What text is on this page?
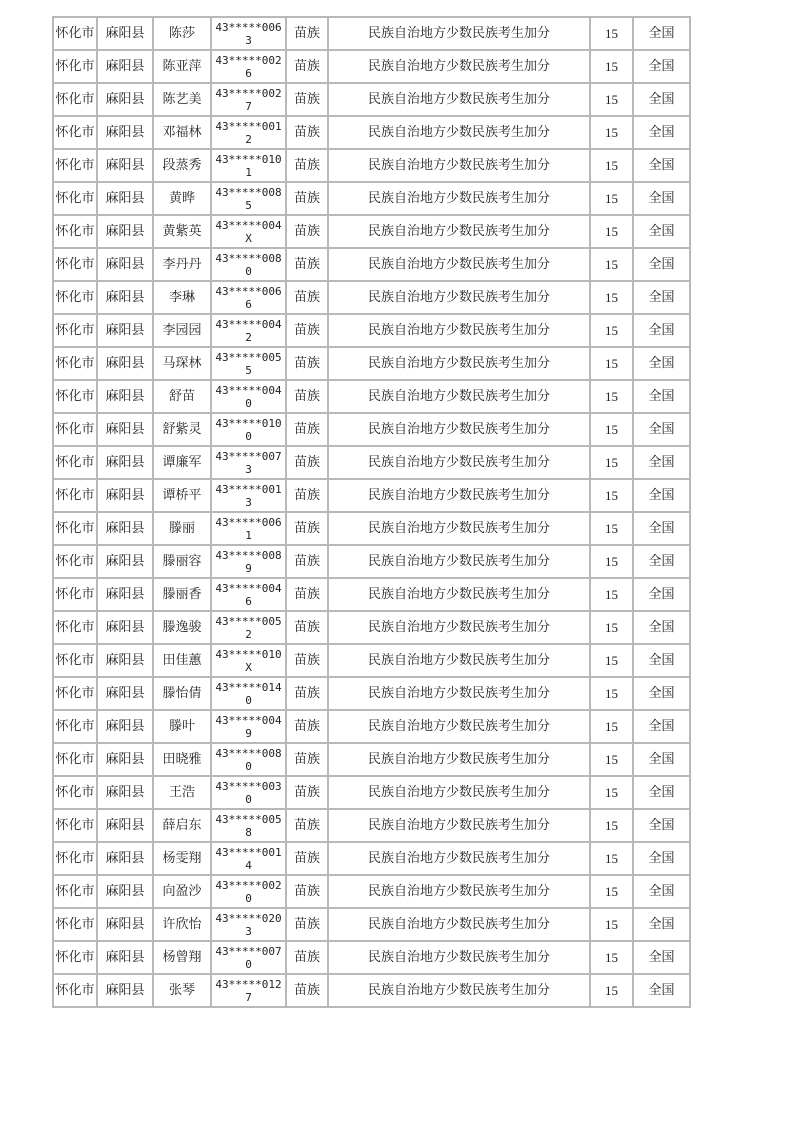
怀化市	麻阳县	陈莎	43*****0063	苗族	民族自治地方少数民族考生加分	15	全国
怀化市	麻阳县	陈亚萍	43*****0026	苗族	民族自治地方少数民族考生加分	15	全国
怀化市	麻阳县	陈艺美	43*****0027	苗族	民族自治地方少数民族考生加分	15	全国
怀化市	麻阳县	邓福林	43*****0012	苗族	民族自治地方少数民族考生加分	15	全国
怀化市	麻阳县	段蒸秀	43*****0101	苗族	民族自治地方少数民族考生加分	15	全国
怀化市	麻阳县	黄晔	43*****0085	苗族	民族自治地方少数民族考生加分	15	全国
怀化市	麻阳县	黄紫英	43*****004X	苗族	民族自治地方少数民族考生加分	15	全国
怀化市	麻阳县	李丹丹	43*****0080	苗族	民族自治地方少数民族考生加分	15	全国
怀化市	麻阳县	李琳	43*****0066	苗族	民族自治地方少数民族考生加分	15	全国
怀化市	麻阳县	李园园	43*****0042	苗族	民族自治地方少数民族考生加分	15	全国
怀化市	麻阳县	马琛林	43*****0055	苗族	民族自治地方少数民族考生加分	15	全国
怀化市	麻阳县	舒苗	43*****0040	苗族	民族自治地方少数民族考生加分	15	全国
怀化市	麻阳县	舒紫灵	43*****0100	苗族	民族自治地方少数民族考生加分	15	全国
怀化市	麻阳县	谭廉军	43*****0073	苗族	民族自治地方少数民族考生加分	15	全国
怀化市	麻阳县	谭桥平	43*****0013	苗族	民族自治地方少数民族考生加分	15	全国
怀化市	麻阳县	滕丽	43*****0061	苗族	民族自治地方少数民族考生加分	15	全国
怀化市	麻阳县	滕丽容	43*****0089	苗族	民族自治地方少数民族考生加分	15	全国
怀化市	麻阳县	滕丽香	43*****0046	苗族	民族自治地方少数民族考生加分	15	全国
怀化市	麻阳县	滕逸骏	43*****0052	苗族	民族自治地方少数民族考生加分	15	全国
怀化市	麻阳县	田佳蕙	43*****010X	苗族	民族自治地方少数民族考生加分	15	全国
怀化市	麻阳县	滕怡倩	43*****0140	苗族	民族自治地方少数民族考生加分	15	全国
怀化市	麻阳县	滕叶	43*****0049	苗族	民族自治地方少数民族考生加分	15	全国
怀化市	麻阳县	田晓雅	43*****0080	苗族	民族自治地方少数民族考生加分	15	全国
怀化市	麻阳县	王浩	43*****0030	苗族	民族自治地方少数民族考生加分	15	全国
怀化市	麻阳县	薛启东	43*****0058	苗族	民族自治地方少数民族考生加分	15	全国
怀化市	麻阳县	杨雯翔	43*****0014	苗族	民族自治地方少数民族考生加分	15	全国
怀化市	麻阳县	向盈沙	43*****0020	苗族	民族自治地方少数民族考生加分	15	全国
怀化市	麻阳县	许欣怡	43*****0203	苗族	民族自治地方少数民族考生加分	15	全国
怀化市	麻阳县	杨曾翔	43*****0070	苗族	民族自治地方少数民族考生加分	15	全国
怀化市	麻阳县	张琴	43*****0127	苗族	民族自治地方少数民族考生加分	15	全国
